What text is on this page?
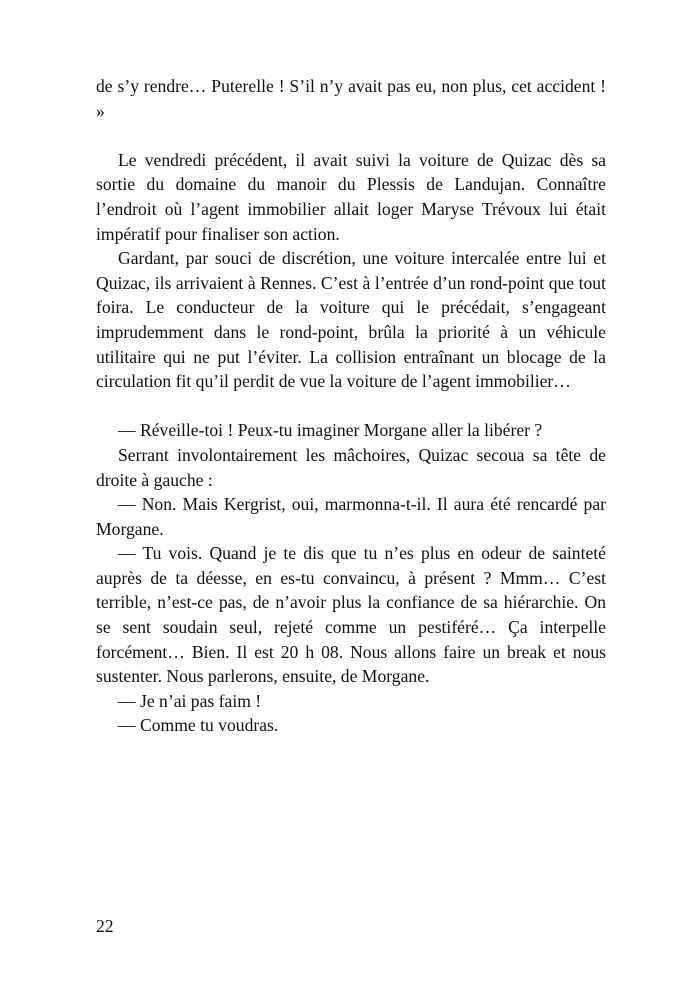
de s’y rendre… Puterelle ! S’il n’y avait pas eu, non plus, cet accident ! »

Le vendredi précédent, il avait suivi la voiture de Quizac dès sa sortie du domaine du manoir du Plessis de Landujan. Connaître l’endroit où l’agent immobilier allait loger Maryse Trévoux lui était impératif pour finaliser son action.

Gardant, par souci de discrétion, une voiture intercalée entre lui et Quizac, ils arrivaient à Rennes. C’est à l’entrée d’un rond-point que tout foira. Le conducteur de la voiture qui le précédait, s’engageant imprudemment dans le rond-point, brûla la priorité à un véhicule utilitaire qui ne put l’éviter. La collision entraînant un blocage de la circulation fit qu’il perdit de vue la voiture de l’agent immobilier…

— Réveille-toi ! Peux-tu imaginer Morgane aller la libérer ?

Serrant involontairement les mâchoires, Quizac secoua sa tête de droite à gauche :

— Non. Mais Kergrist, oui, marmonna-t-il. Il aura été rencardé par Morgane.

— Tu vois. Quand je te dis que tu n’es plus en odeur de sainteté auprès de ta déesse, en es-tu convaincu, à présent ? Mmm… C’est terrible, n’est-ce pas, de n’avoir plus la confiance de sa hiérarchie. On se sent soudain seul, rejeté comme un pestiféré… Ça interpelle forcément… Bien. Il est 20 h 08. Nous allons faire un break et nous sustenter. Nous parlerons, ensuite, de Morgane.

— Je n’ai pas faim !

— Comme tu voudras.

22
